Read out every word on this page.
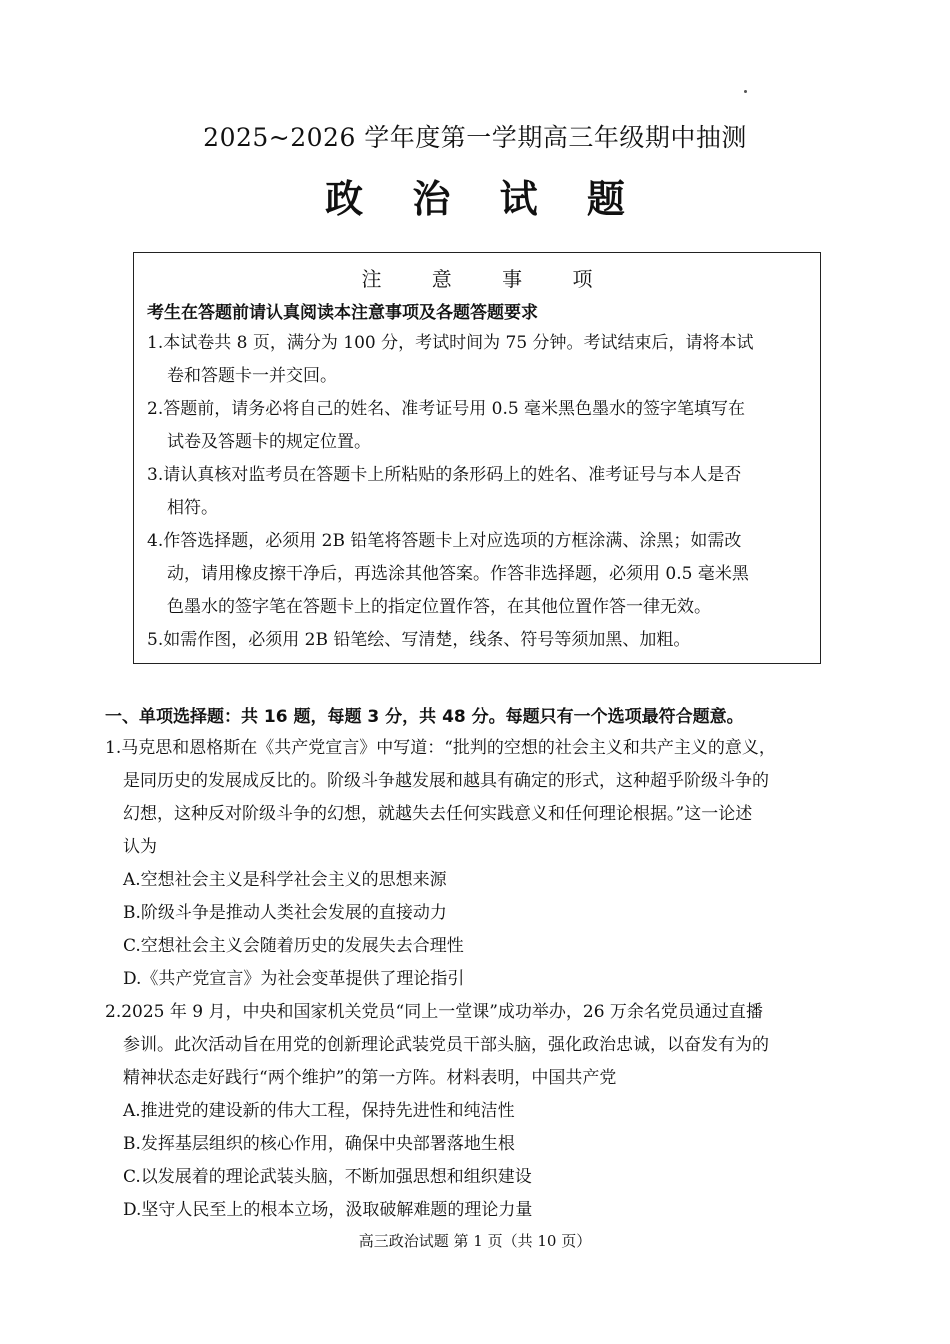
2025~2026 学年度第一学期高三年级期中抽测
政 治 试 题
注 意 事 项
考生在答题前请认真阅读本注意事项及各题答题要求
1.本试卷共 8 页，满分为 100 分，考试时间为 75 分钟。考试结束后，请将本试
卷和答题卡一并交回。
2.答题前，请务必将自己的姓名、准考证号用 0.5 毫米黑色墨水的签字笔填写在
试卷及答题卡的规定位置。
3.请认真核对监考员在答题卡上所粘贴的条形码上的姓名、准考证号与本人是否
相符。
4.作答选择题，必须用 2B 铅笔将答题卡上对应选项的方框涂满、涂黑；如需改
动，请用橡皮擦干净后，再选涂其他答案。作答非选择题，必须用 0.5 毫米黑
色墨水的签字笔在答题卡上的指定位置作答，在其他位置作答一律无效。
5.如需作图，必须用 2B 铅笔绘、写清楚，线条、符号等须加黑、加粗。
一、单项选择题：共 16 题，每题 3 分，共 48 分。每题只有一个选项最符合题意。
1.马克思和恩格斯在《共产党宣言》中写道：“批判的空想的社会主义和共产主义的意义，
是同历史的发展成反比的。阶级斗争越发展和越具有确定的形式，这种超乎阶级斗争的
幻想，这种反对阶级斗争的幻想，就越失去任何实践意义和任何理论根据。”这一论述
认为
A.空想社会主义是科学社会主义的思想来源
B.阶级斗争是推动人类社会发展的直接动力
C.空想社会主义会随着历史的发展失去合理性
D.《共产党宣言》为社会变革提供了理论指引
2.2025 年 9 月，中央和国家机关党员“同上一堂课”成功举办，26 万余名党员通过直播
参训。此次活动旨在用党的创新理论武装党员干部头脑，强化政治忠诚，以奋发有为的
精神状态走好践行“两个维护”的第一方阵。材料表明，中国共产党
A.推进党的建设新的伟大工程，保持先进性和纯洁性
B.发挥基层组织的核心作用，确保中央部署落地生根
C.以发展着的理论武装头脑，不断加强思想和组织建设
D.坚守人民至上的根本立场，汲取破解难题的理论力量
高三政治试题 第 1 页（共 10 页）
